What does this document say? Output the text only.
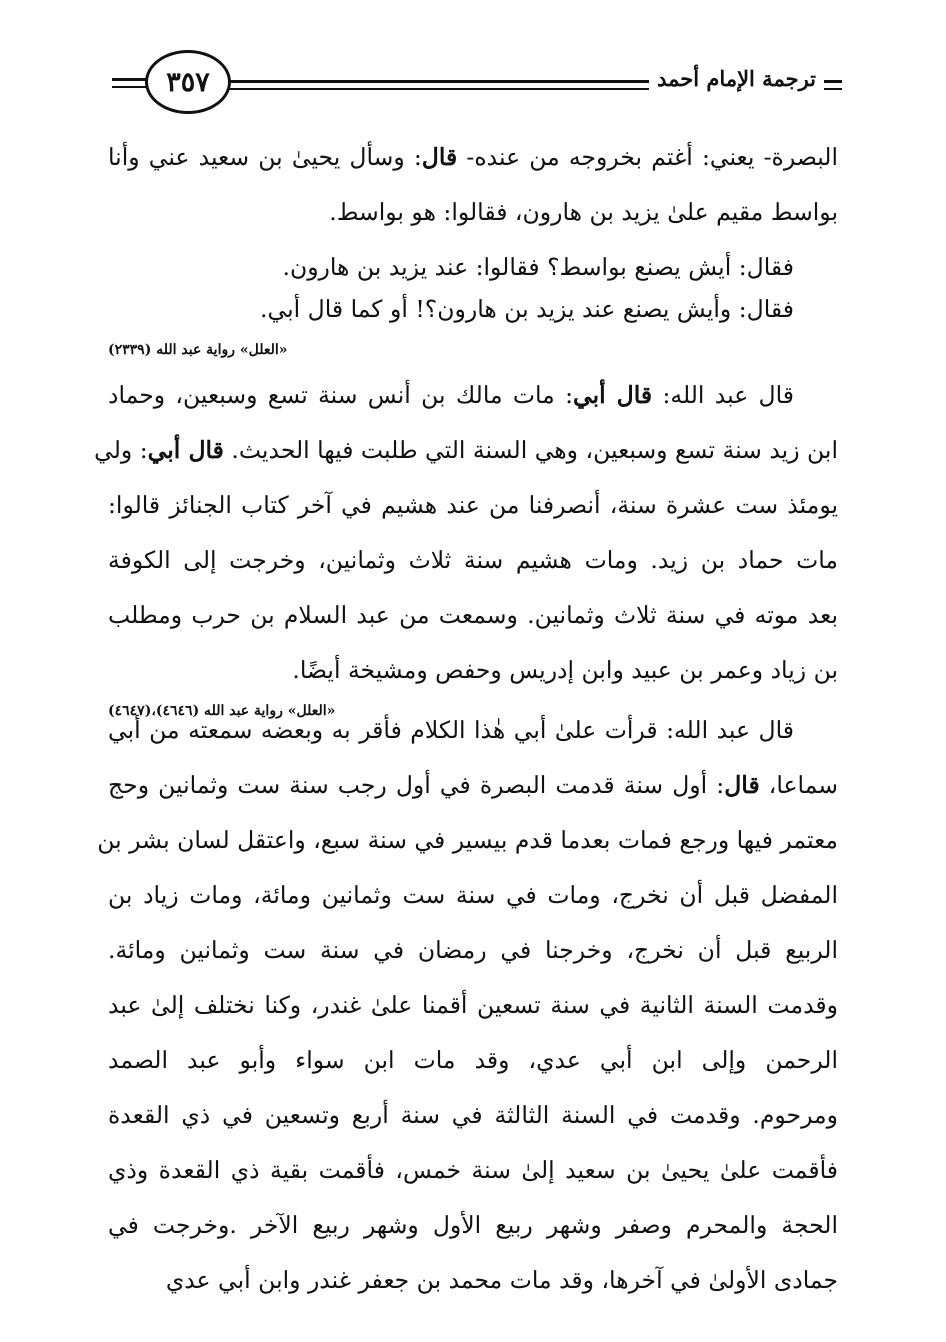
ترجمة الإمام أحمد
٣٥٧
البصرة- يعني: أغتم بخروجه من عنده- قال: وسأل يحيىٰ بن سعيد عني وأنا
بواسط مقيم علىٰ يزيد بن هارون، فقالوا: هو بواسط.
فقال: أيش يصنع بواسط؟ فقالوا: عند يزيد بن هارون.
فقال: وأيش يصنع عند يزيد بن هارون؟! أو كما قال أبي.
«العلل» رواية عبد الله (٢٣٣٩)
قال عبد الله: قال أبي: مات مالك بن أنس سنة تسع وسبعين، وحماد
ابن زيد سنة تسع وسبعين، وهي السنة التي طلبت فيها الحديث. قال أبي: ولي
يومئذ ست عشرة سنة، أنصرفنا من عند هشيم في آخر كتاب الجنائز قالوا:
مات حماد بن زيد. ومات هشيم سنة ثلاث وثمانين، وخرجت إلى الكوفة
بعد موته في سنة ثلاث وثمانين. وسمعت من عبد السلام بن حرب ومطلب
بن زياد وعمر بن عبيد وابن إدريس وحفص ومشيخة أيضًا.
«العلل» رواية عبد الله (٤٦٤٦)،(٤٦٤٧)
قال عبد الله: قرأت علىٰ أبي هٰذا الكلام فأقر به وبعضه سمعته من أبي
سماعا، قال: أول سنة قدمت البصرة في أول رجب سنة ست وثمانين وحج
معتمر فيها ورجع فمات بعدما قدم بيسير في سنة سبع، واعتقل لسان بشر بن
المفضل قبل أن نخرج، ومات في سنة ست وثمانين ومائة، ومات زياد بن
الربيع قبل أن نخرج، وخرجنا في رمضان في سنة ست وثمانين ومائة.
وقدمت السنة الثانية في سنة تسعين أقمنا علىٰ غندر، وكنا نختلف إلىٰ عبد
الرحمن وإلى ابن أبي عدي، وقد مات ابن سواء وأبو عبد الصمد
ومرحوم. وقدمت في السنة الثالثة في سنة أربع وتسعين في ذي القعدة
فأقمت علىٰ يحيىٰ بن سعيد إلىٰ سنة خمس، فأقمت بقية ذي القعدة وذي
الحجة والمحرم وصفر وشهر ربيع الأول وشهر ربيع الآخر .وخرجت في
جمادى الأولىٰ في آخرها، وقد مات محمد بن جعفر غندر وابن أبي عدي
